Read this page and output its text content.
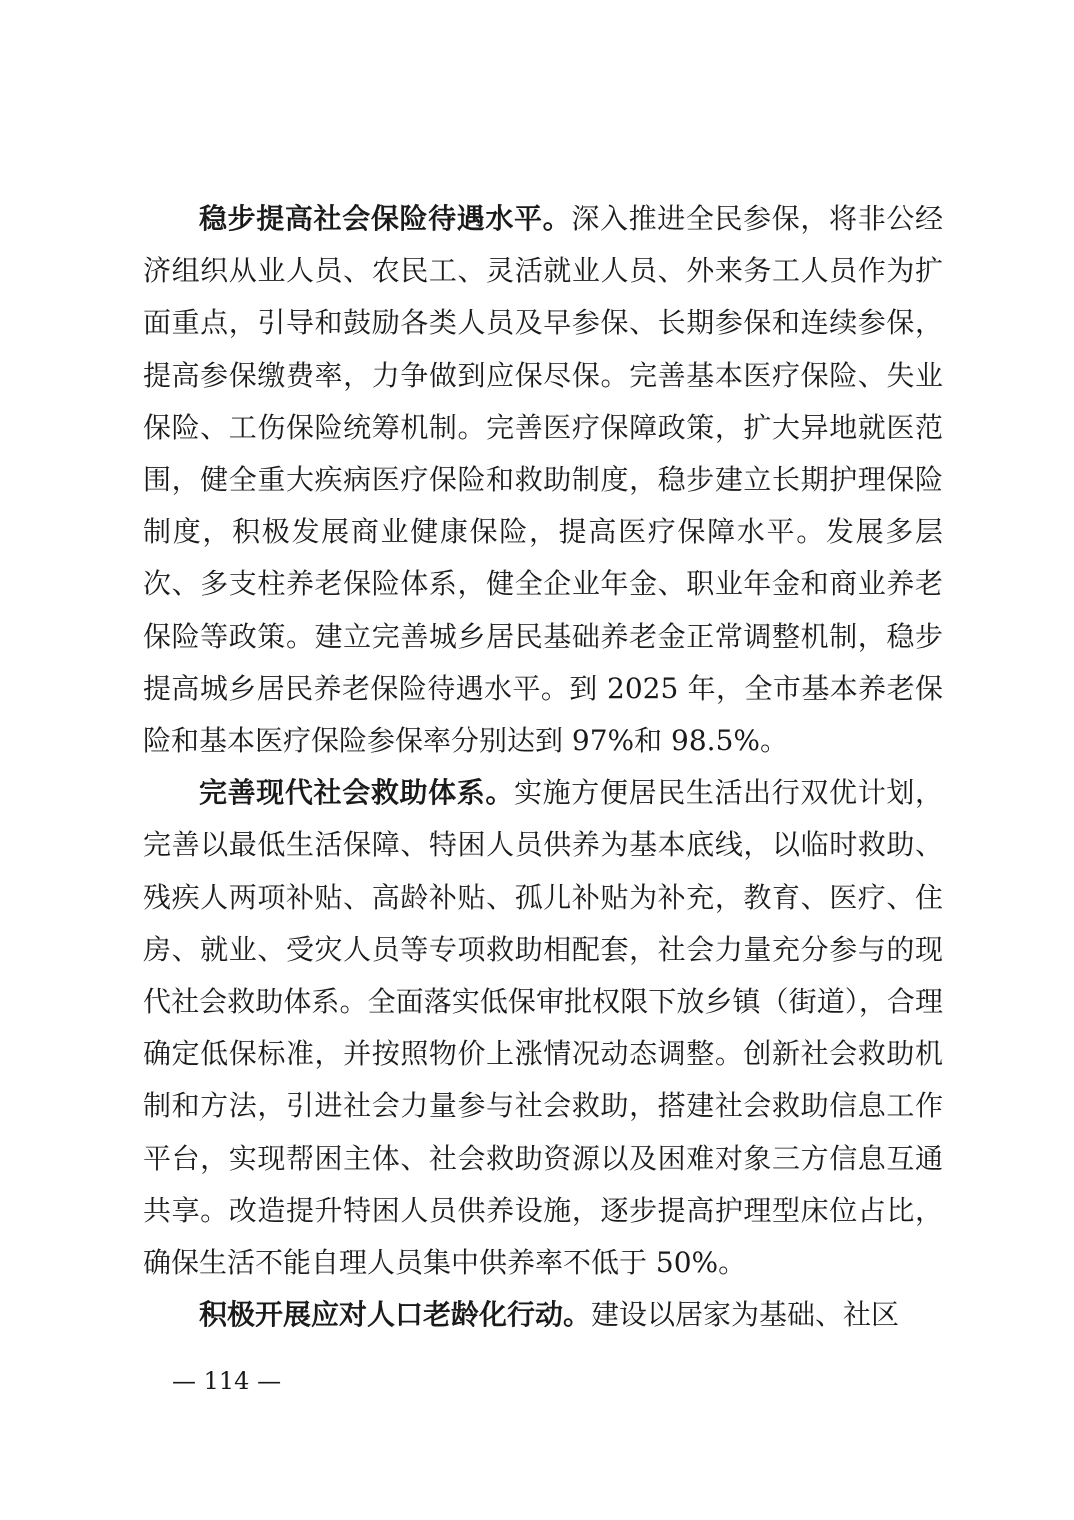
稳步提高社会保险待遇水平。深入推进全民参保，将非公经济组织从业人员、农民工、灵活就业人员、外来务工人员作为扩面重点，引导和鼓励各类人员及早参保、长期参保和连续参保，提高参保缴费率，力争做到应保尽保。完善基本医疗保险、失业保险、工伤保险统筹机制。完善医疗保障政策，扩大异地就医范围，健全重大疾病医疗保险和救助制度，稳步建立长期护理保险制度，积极发展商业健康保险，提高医疗保障水平。发展多层次、多支柱养老保险体系，健全企业年金、职业年金和商业养老保险等政策。建立完善城乡居民基础养老金正常调整机制，稳步提高城乡居民养老保险待遇水平。到 2025 年，全市基本养老保险和基本医疗保险参保率分别达到 97%和 98.5%。

完善现代社会救助体系。实施方便居民生活出行双优计划，完善以最低生活保障、特困人员供养为基本底线，以临时救助、残疾人两项补贴、高龄补贴、孤儿补贴为补充，教育、医疗、住房、就业、受灾人员等专项救助相配套，社会力量充分参与的现代社会救助体系。全面落实低保审批权限下放乡镇（街道），合理确定低保标准，并按照物价上涨情况动态调整。创新社会救助机制和方法，引进社会力量参与社会救助，搭建社会救助信息工作平台，实现帮困主体、社会救助资源以及困难对象三方信息互通共享。改造提升特困人员供养设施，逐步提高护理型床位占比，确保生活不能自理人员集中供养率不低于 50%。

积极开展应对人口老龄化行动。建设以居家为基础、社区

— 114 —
